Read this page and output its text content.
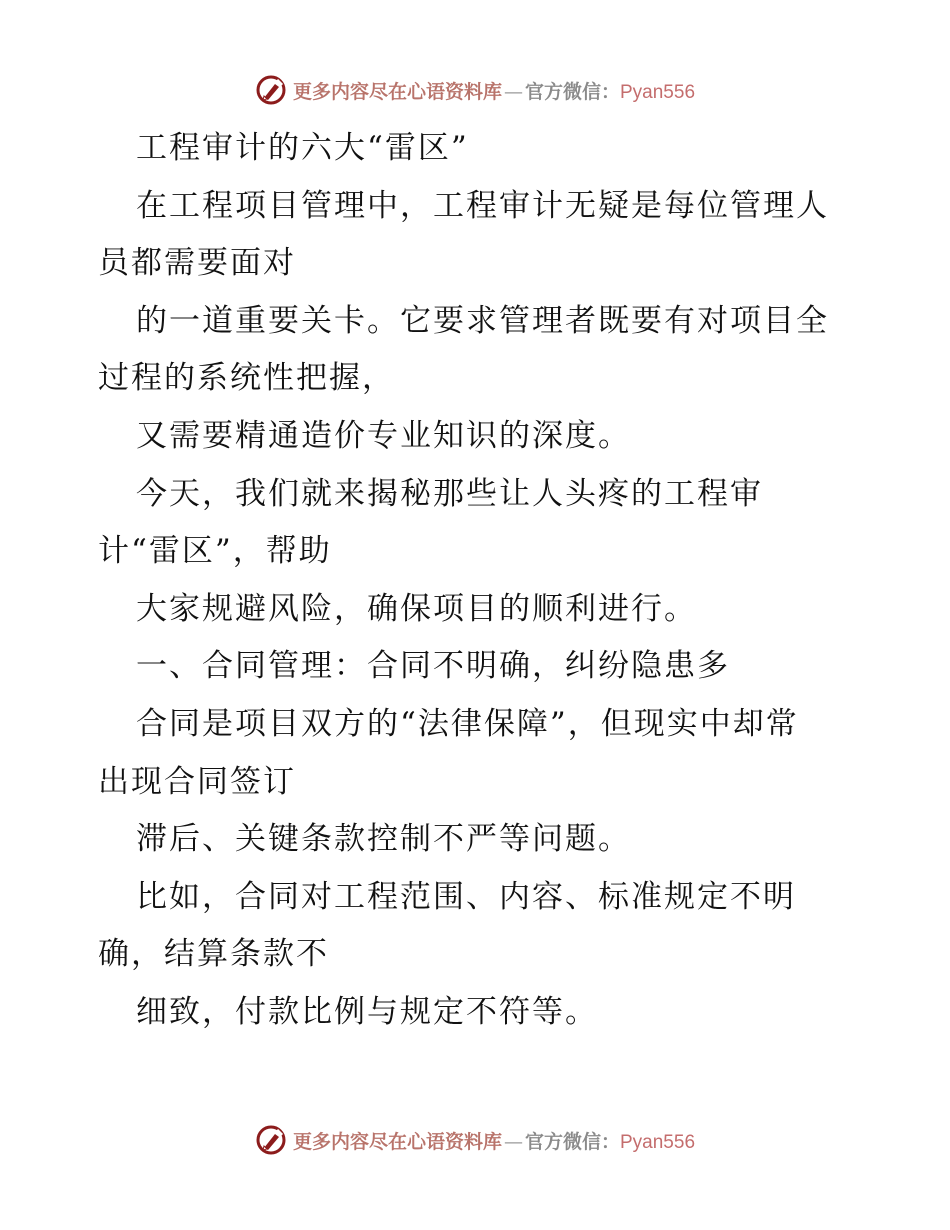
更多内容尽在心语资料库 — 官方微信：Pyan556
工程审计的六大“雷区”
在工程项目管理中，工程审计无疑是每位管理人
员都需要面对
的一道重要关卡。它要求管理者既要有对项目全
过程的系统性把握，
又需要精通造价专业知识的深度。
今天，我们就来揭秘那些让人头疼的工程审
计“雷区”，帮助
大家规避风险，确保项目的顺利进行。
一、合同管理：合同不明确，纠纷隐患多
合同是项目双方的“法律保障”，但现实中却常
出现合同签订
滞后、关键条款控制不严等问题。
比如，合同对工程范围、内容、标准规定不明
确，结算条款不
细致，付款比例与规定不符等。
更多内容尽在心语资料库 — 官方微信：Pyan556
